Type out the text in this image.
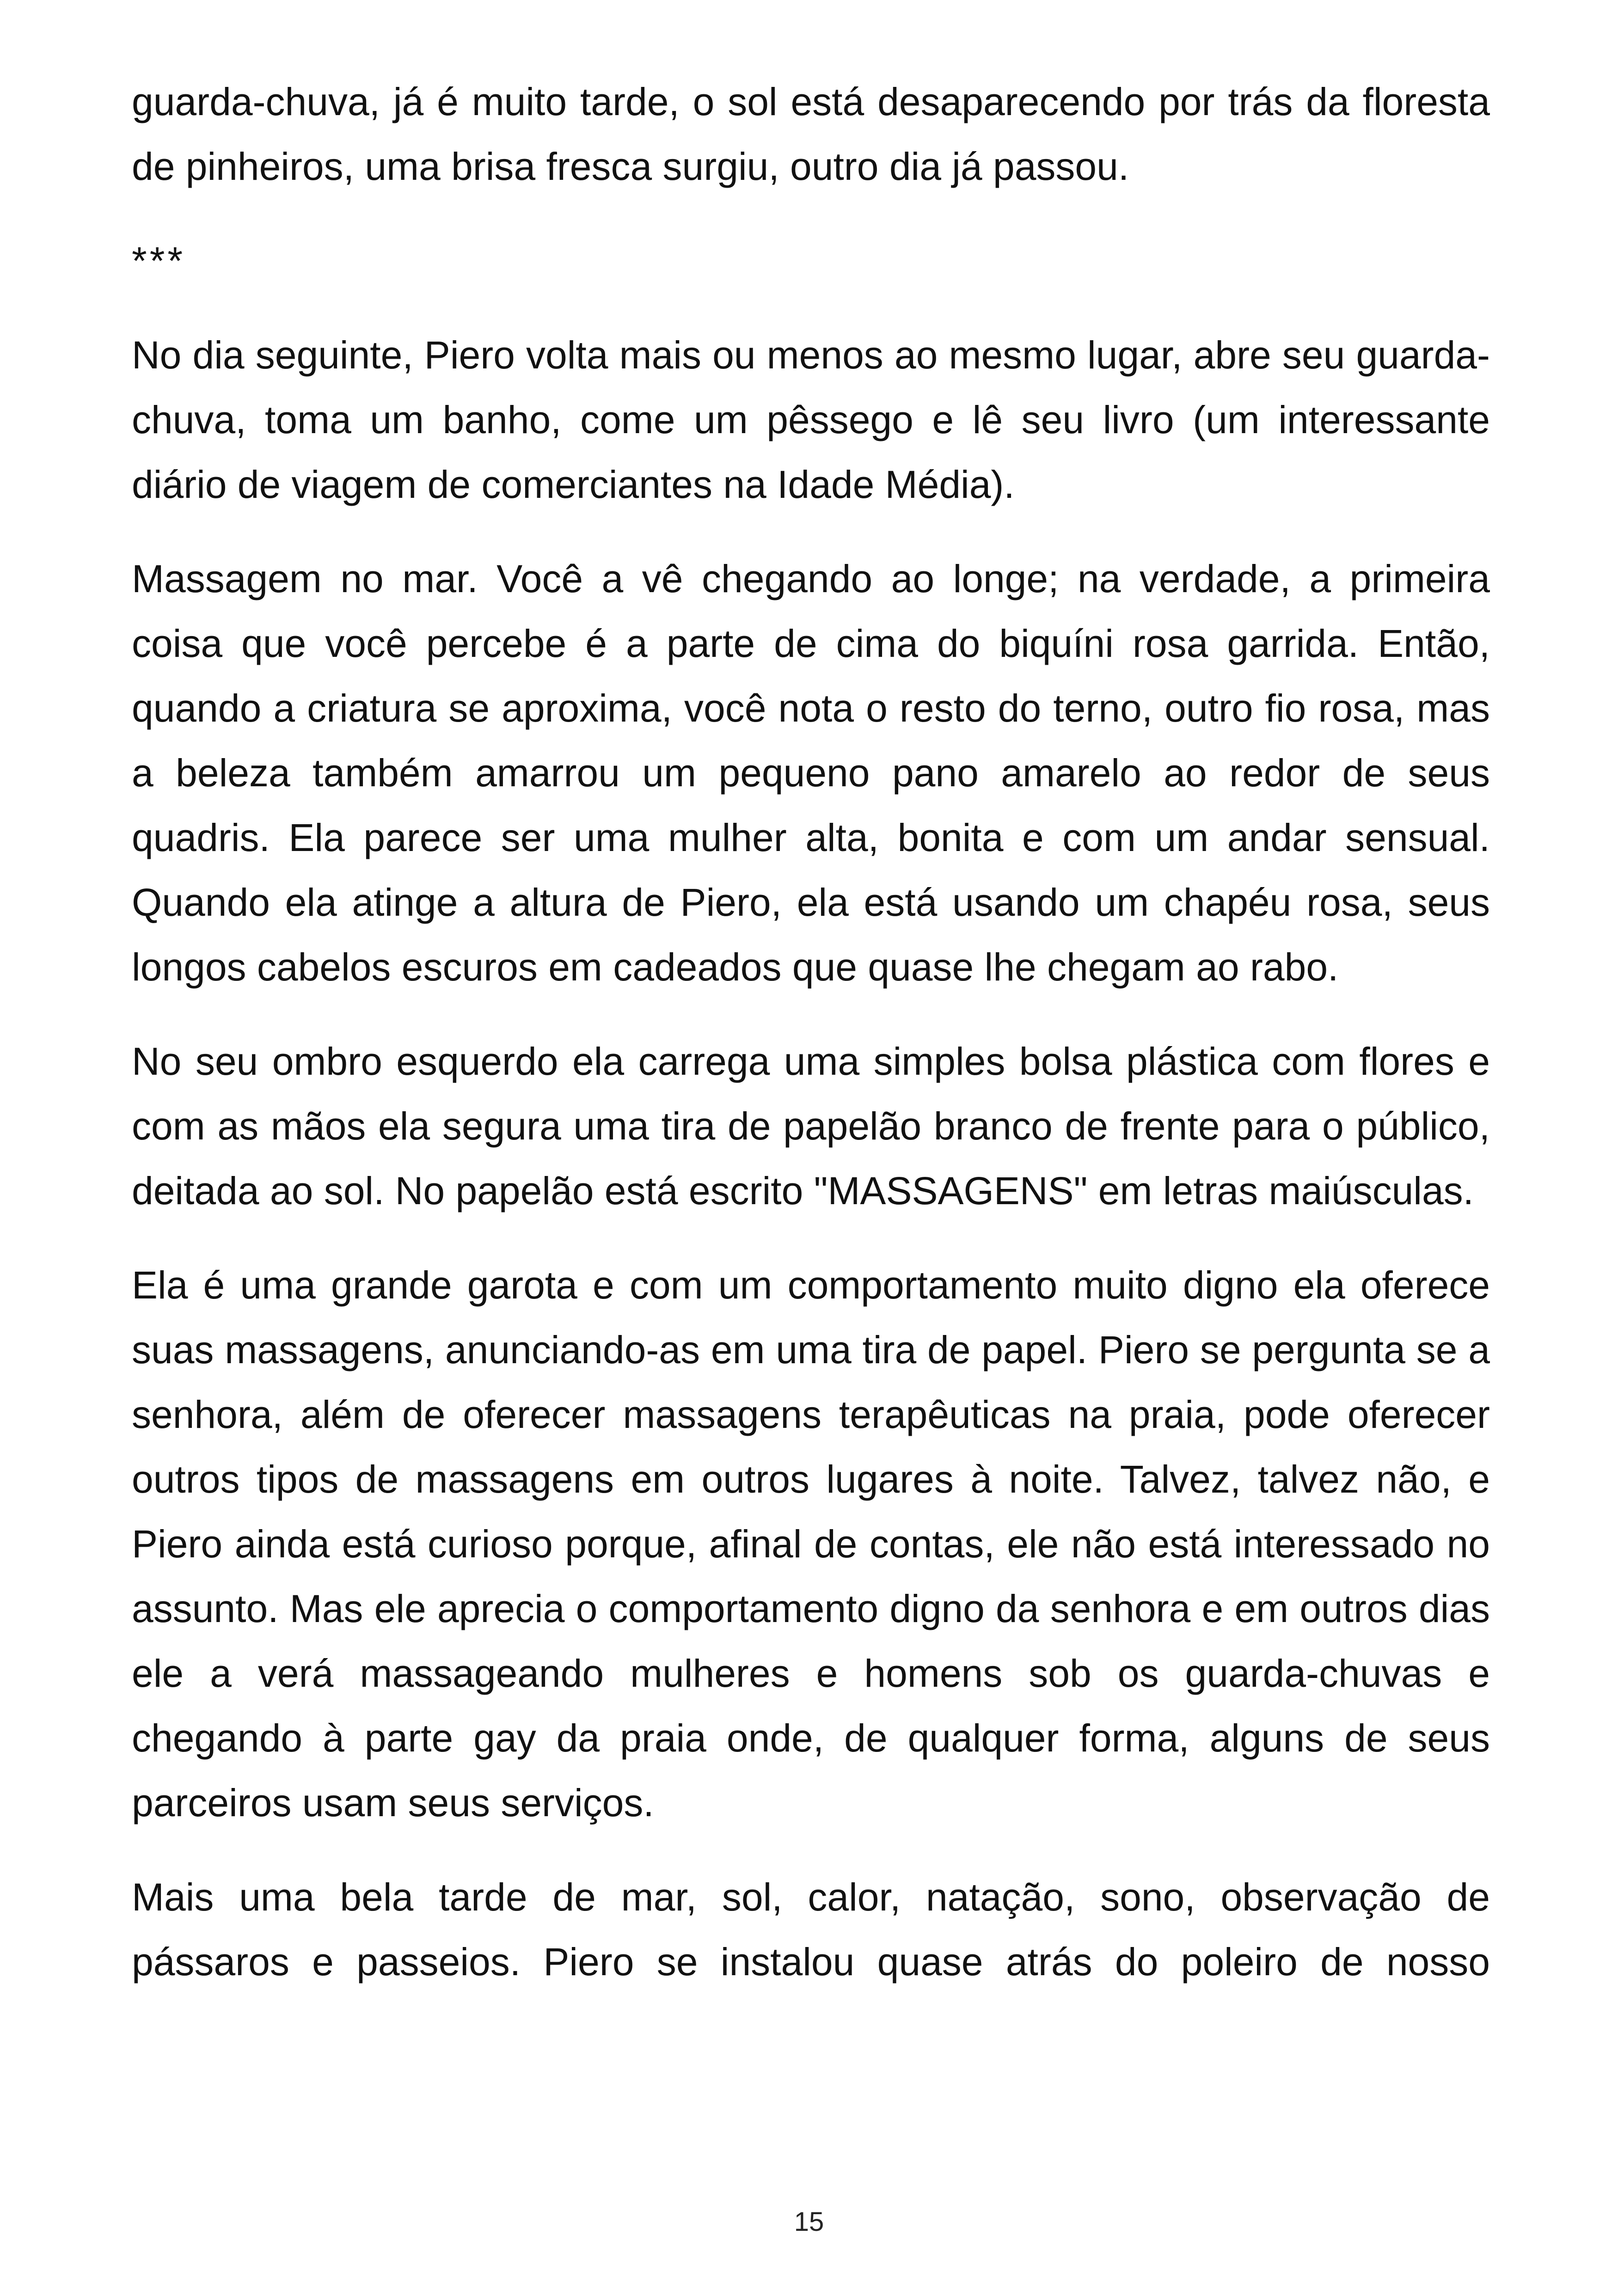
guarda-chuva, já é muito tarde, o sol está desaparecendo por trás da floresta de pinheiros, uma brisa fresca surgiu, outro dia já passou.

***

No dia seguinte, Piero volta mais ou menos ao mesmo lugar, abre seu guarda-chuva, toma um banho, come um pêssego e lê seu livro (um interessante diário de viagem de comerciantes na Idade Média).

Massagem no mar. Você a vê chegando ao longe; na verdade, a primeira coisa que você percebe é a parte de cima do biquíni rosa garrida. Então, quando a criatura se aproxima, você nota o resto do terno, outro fio rosa, mas a beleza também amarrou um pequeno pano amarelo ao redor de seus quadris. Ela parece ser uma mulher alta, bonita e com um andar sensual. Quando ela atinge a altura de Piero, ela está usando um chapéu rosa, seus longos cabelos escuros em cadeados que quase lhe chegam ao rabo.

No seu ombro esquerdo ela carrega uma simples bolsa plástica com flores e com as mãos ela segura uma tira de papelão branco de frente para o público, deitada ao sol. No papelão está escrito "MASSAGENS" em letras maiúsculas.

Ela é uma grande garota e com um comportamento muito digno ela oferece suas massagens, anunciando-as em uma tira de papel. Piero se pergunta se a senhora, além de oferecer massagens terapêuticas na praia, pode oferecer outros tipos de massagens em outros lugares à noite. Talvez, talvez não, e Piero ainda está curioso porque, afinal de contas, ele não está interessado no assunto. Mas ele aprecia o comportamento digno da senhora e em outros dias ele a verá massageando mulheres e homens sob os guarda-chuvas e chegando à parte gay da praia onde, de qualquer forma, alguns de seus parceiros usam seus serviços.

Mais uma bela tarde de mar, sol, calor, natação, sono, observação de pássaros e passeios. Piero se instalou quase atrás do poleiro de nosso

15
